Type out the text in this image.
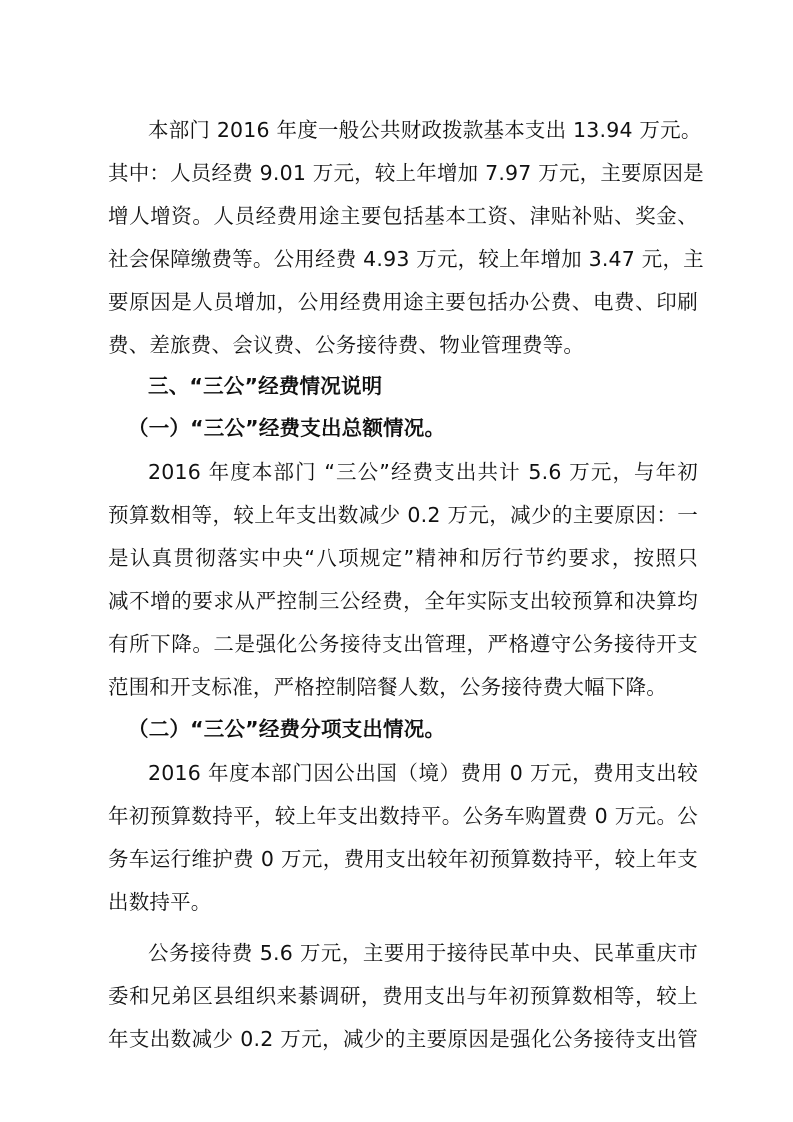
本部门 2016 年度一般公共财政拨款基本支出 13.94 万元。
其中：人员经费 9.01 万元，较上年增加 7.97 万元，主要原因是
增人增资。人员经费用途主要包括基本工资、津贴补贴、奖金、
社会保障缴费等。公用经费 4.93 万元，较上年增加 3.47 元，主
要原因是人员增加，公用经费用途主要包括办公费、电费、印刷
费、差旅费、会议费、公务接待费、物业管理费等。
三、“三公”经费情况说明
（一）“三公”经费支出总额情况。
2016 年度本部门 “三公”经费支出共计 5.6 万元，与年初
预算数相等，较上年支出数减少 0.2 万元，减少的主要原因：一
是认真贯彻落实中央“八项规定”精神和厉行节约要求，按照只
减不增的要求从严控制三公经费，全年实际支出较预算和决算均
有所下降。二是强化公务接待支出管理，严格遵守公务接待开支
范围和开支标准，严格控制陪餐人数，公务接待费大幅下降。
（二）“三公”经费分项支出情况。
2016 年度本部门因公出国（境）费用 0 万元，费用支出较
年初预算数持平，较上年支出数持平。公务车购置费 0 万元。公
务车运行维护费 0 万元，费用支出较年初预算数持平，较上年支
出数持平。
公务接待费 5.6 万元，主要用于接待民革中央、民革重庆市
委和兄弟区县组织来綦调研，费用支出与年初预算数相等，较上
年支出数减少 0.2 万元，减少的主要原因是强化公务接待支出管
